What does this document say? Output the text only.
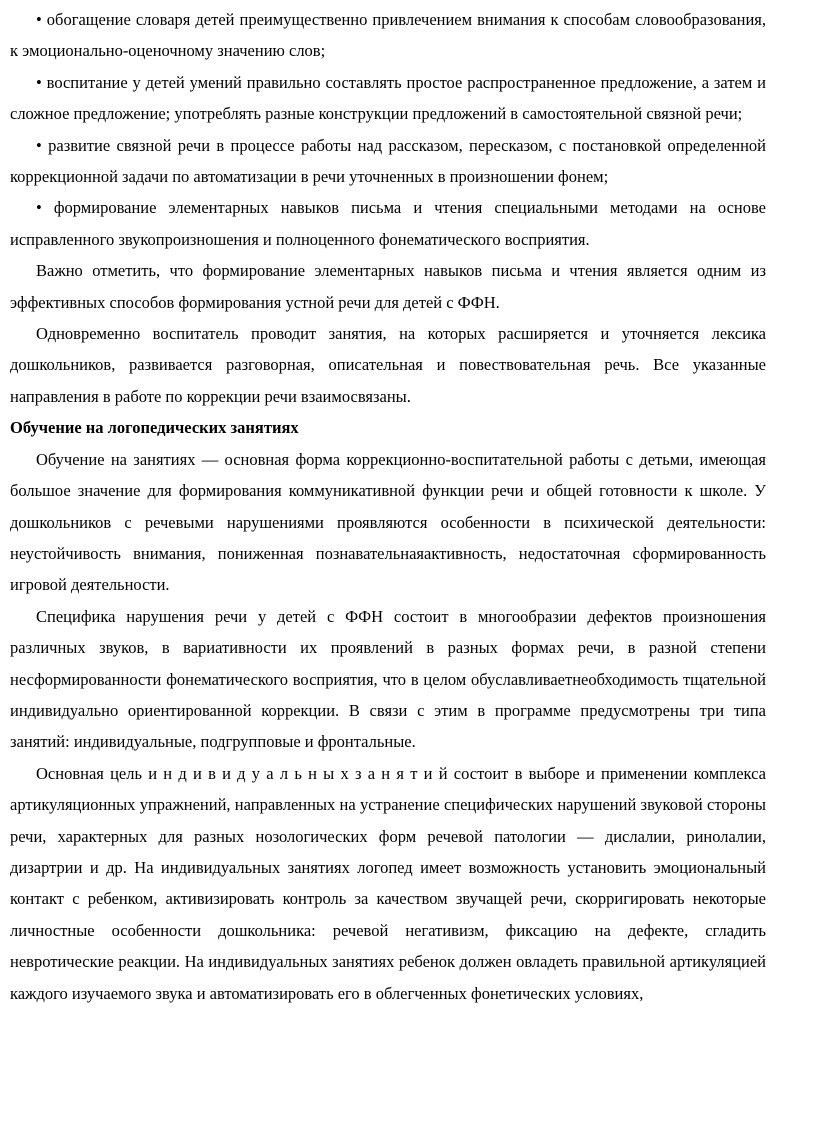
• обогащение словаря детей преимущественно привлечением внимания к способам словообразования, к эмоционально-оценочному значению слов;

• воспитание у детей умений правильно составлять простое распространенное предложение, а затем и сложное предложение; употреблять разные конструкции предложений в самостоятельной связной речи;

• развитие связной речи в процессе работы над рассказом, пересказом, с постановкой определенной коррекционной задачи по автоматизации в речи уточненных в произношении фонем;

• формирование элементарных навыков письма и чтения специальными методами на основе исправленного звукопроизношения и полноценного фонематического восприятия.

Важно отметить, что формирование элементарных навыков письма и чтения является одним из эффективных способов формирования устной речи для детей с ФФН.

Одновременно воспитатель проводит занятия, на которых расширяется и уточняется лексика дошкольников, развивается разговорная, описательная и повествовательная речь. Все указанные направления в работе по коррекции речи взаимосвязаны.

Обучение на логопедических занятиях

Обучение на занятиях — основная форма коррекционно-воспитательной работы с детьми, имеющая большое значение для формирования коммуникативной функции речи и общей готовности к школе. У дошкольников с речевыми нарушениями проявляются особенности в психической деятельности: неустойчивость внимания, пониженная познавательнаяактивность, недостаточная сформированность игровой деятельности.

Специфика нарушения речи у детей с ФФН состоит в многообразии дефектов произношения различных звуков, в вариативности их проявлений в разных формах речи, в разной степени несформированности фонематического восприятия, что в целом обуславливаетнеобходимость тщательной индивидуально ориентированной коррекции. В связи с этим в программе предусмотрены три типа занятий: индивидуальные, подгрупповые и фронтальные.

Основная цель и н д и в и д у а л ь н ы х з а н я т и й состоит в выборе и применении комплекса артикуляционных упражнений, направленных на устранение специфических нарушений звуковой стороны речи, характерных для разных нозологических форм речевой патологии — дислалии, ринолалии, дизартрии и др. На индивидуальных занятиях логопед имеет возможность установить эмоциональный контакт с ребенком, активизировать контроль за качеством звучащей речи, скорригировать некоторые личностные особенности дошкольника: речевой негативизм, фиксацию на дефекте, сгладить невротические реакции. На индивидуальных занятиях ребенок должен овладеть правильной артикуляцией каждого изучаемого звука и автоматизировать его в облегченных фонетических условиях,
